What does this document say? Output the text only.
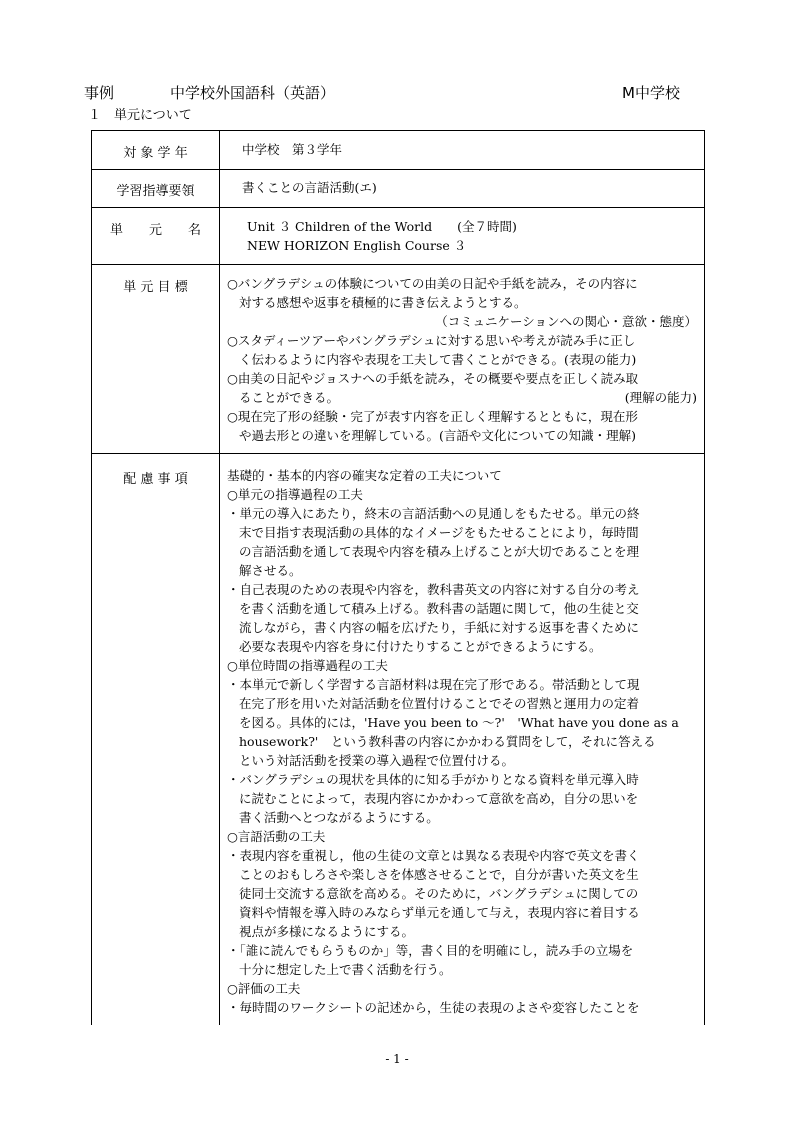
事例	中学校外国語科（英語）	M中学校
１　単元について
対 象 学 年	中学校　第３学年

学習指導要領	書くことの言語活動(エ)

単　　元　　名	Unit ３ Children of the World　　(全７時間)

NEW HORIZON English Course ３

単 元 目 標	○バングラデシュの体験についての由美の日記や手紙を読み，その内容に

対する感想や返事を積極的に書き伝えようとする。

（コミュニケーションへの関心・意欲・態度）

○スタディーツアーやバングラデシュに対する思いや考えが読み手に正し

く伝わるように内容や表現を工夫して書くことができる。(表現の能力)

○由美の日記やジョスナへの手紙を読み，その概要や要点を正しく読み取

ることができる。	(理解の能力)

○現在完了形の経験・完了が表す内容を正しく理解するとともに，現在形

や過去形との違いを理解している。(言語や文化についての知識・理解)

配 慮 事 項	基礎的・基本的内容の確実な定着の工夫について

○単元の指導過程の工夫

・単元の導入にあたり，終末の言語活動への見通しをもたせる。単元の終

末で目指す表現活動の具体的なイメージをもたせることにより，毎時間

の言語活動を通して表現や内容を積み上げることが大切であることを理

解させる。

・自己表現のための表現や内容を，教科書英文の内容に対する自分の考え

を書く活動を通して積み上げる。教科書の話題に関して，他の生徒と交

流しながら，書く内容の幅を広げたり，手紙に対する返事を書くために

必要な表現や内容を身に付けたりすることができるようにする。

○単位時間の指導過程の工夫

・本単元で新しく学習する言語材料は現在完了形である。帯活動として現

在完了形を用いた対話活動を位置付けることでその習熟と運用力の定着

を図る。具体的には，'Have you been to 〜?'　'What have you done as a

housework?'　という教科書の内容にかかわる質問をして，それに答える

という対話活動を授業の導入過程で位置付ける。

・バングラデシュの現状を具体的に知る手がかりとなる資料を単元導入時

に読むことによって，表現内容にかかわって意欲を高め，自分の思いを

書く活動へとつながるようにする。

○言語活動の工夫

・表現内容を重視し，他の生徒の文章とは異なる表現や内容で英文を書く

ことのおもしろさや楽しさを体感させることで，自分が書いた英文を生

徒同士交流する意欲を高める。そのために，バングラデシュに関しての

資料や情報を導入時のみならず単元を通して与え，表現内容に着目する

視点が多様になるようにする。

・「誰に読んでもらうものか」等，書く目的を明確にし，読み手の立場を

十分に想定した上で書く活動を行う。

○評価の工夫

・毎時間のワークシートの記述から，生徒の表現のよさや変容したことを

- 1 -
